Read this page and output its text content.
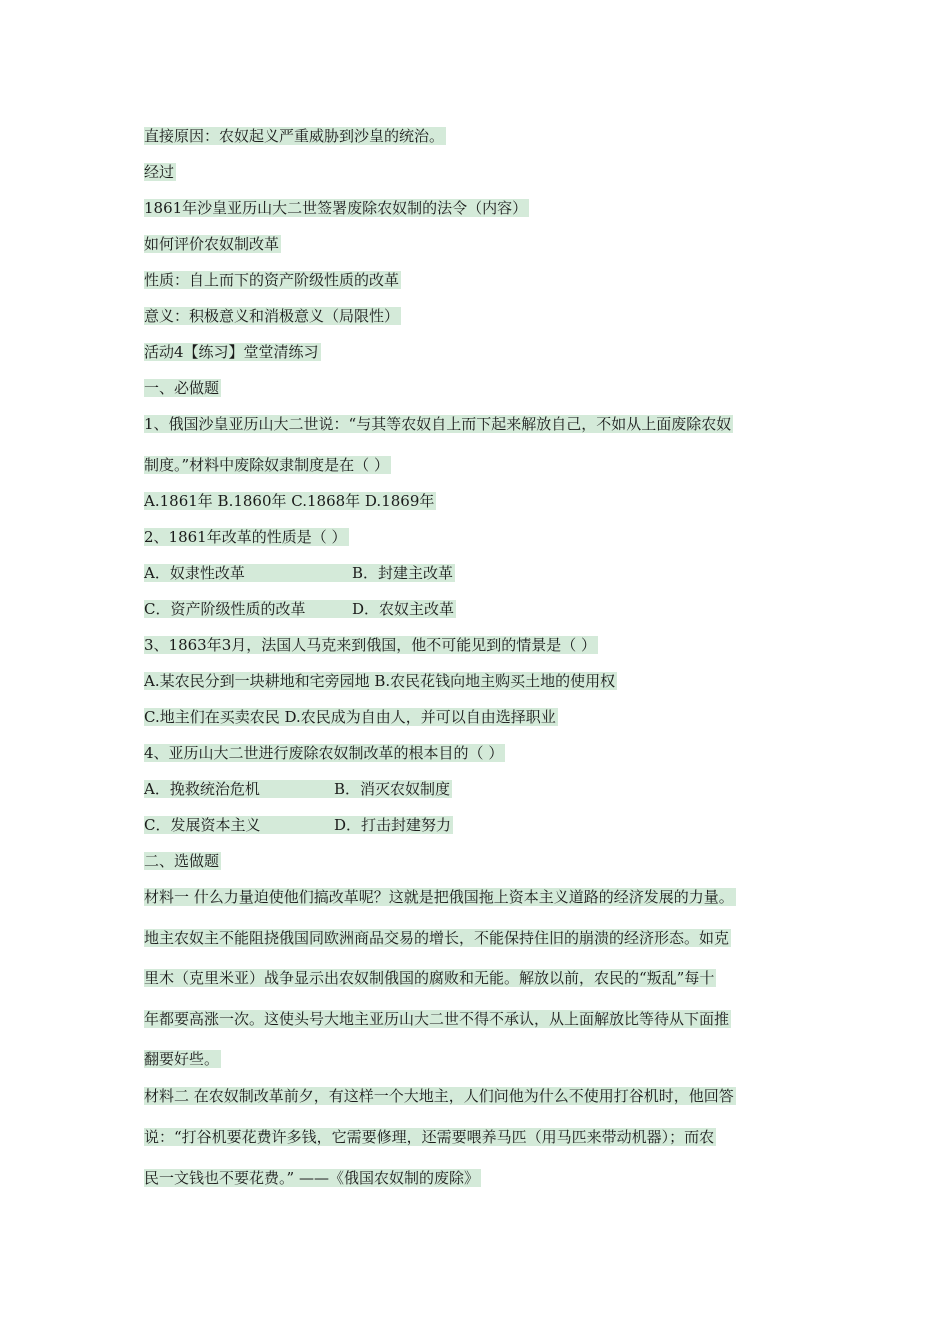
直接原因：农奴起义严重威胁到沙皇的统治。

经过

1861年沙皇亚历山大二世签署废除农奴制的法令（内容）

如何评价农奴制改革

性质：自上而下的资产阶级性质的改革

意义：积极意义和消极意义（局限性）

活动4【练习】堂堂清练习

一、必做题

1、俄国沙皇亚历山大二世说：“与其等农奴自上而下起来解放自己，不如从上面废除农奴

制度。”材料中废除奴隶制度是在（ ）

A.1861年 B.1860年 C.1868年 D.1869年

2、1861年改革的性质是（ ）

A．奴隶性改革	B．封建主改革

C．资产阶级性质的改革	D．农奴主改革

3、1863年3月，法国人马克来到俄国，他不可能见到的情景是（ ）

A.某农民分到一块耕地和宅旁园地 B.农民花钱向地主购买土地的使用权

C.地主们在买卖农民 D.农民成为自由人，并可以自由选择职业

4、亚历山大二世进行废除农奴制改革的根本目的（ ）

A．挽救统治危机	B．消灭农奴制度

C．发展资本主义	D．打击封建努力

二、选做题

材料一 什么力量迫使他们搞改革呢？这就是把俄国拖上资本主义道路的经济发展的力量。

地主农奴主不能阻挠俄国同欧洲商品交易的增长，不能保持住旧的崩溃的经济形态。如克

里木（克里米亚）战争显示出农奴制俄国的腐败和无能。解放以前，农民的“叛乱”每十

年都要高涨一次。这使头号大地主亚历山大二世不得不承认，从上面解放比等待从下面推

翻要好些。

材料二 在农奴制改革前夕，有这样一个大地主，人们问他为什么不使用打谷机时，他回答

说：“打谷机要花费许多钱，它需要修理，还需要喂养马匹（用马匹来带动机器）；而农

民一文钱也不要花费。” ——《俄国农奴制的废除》
